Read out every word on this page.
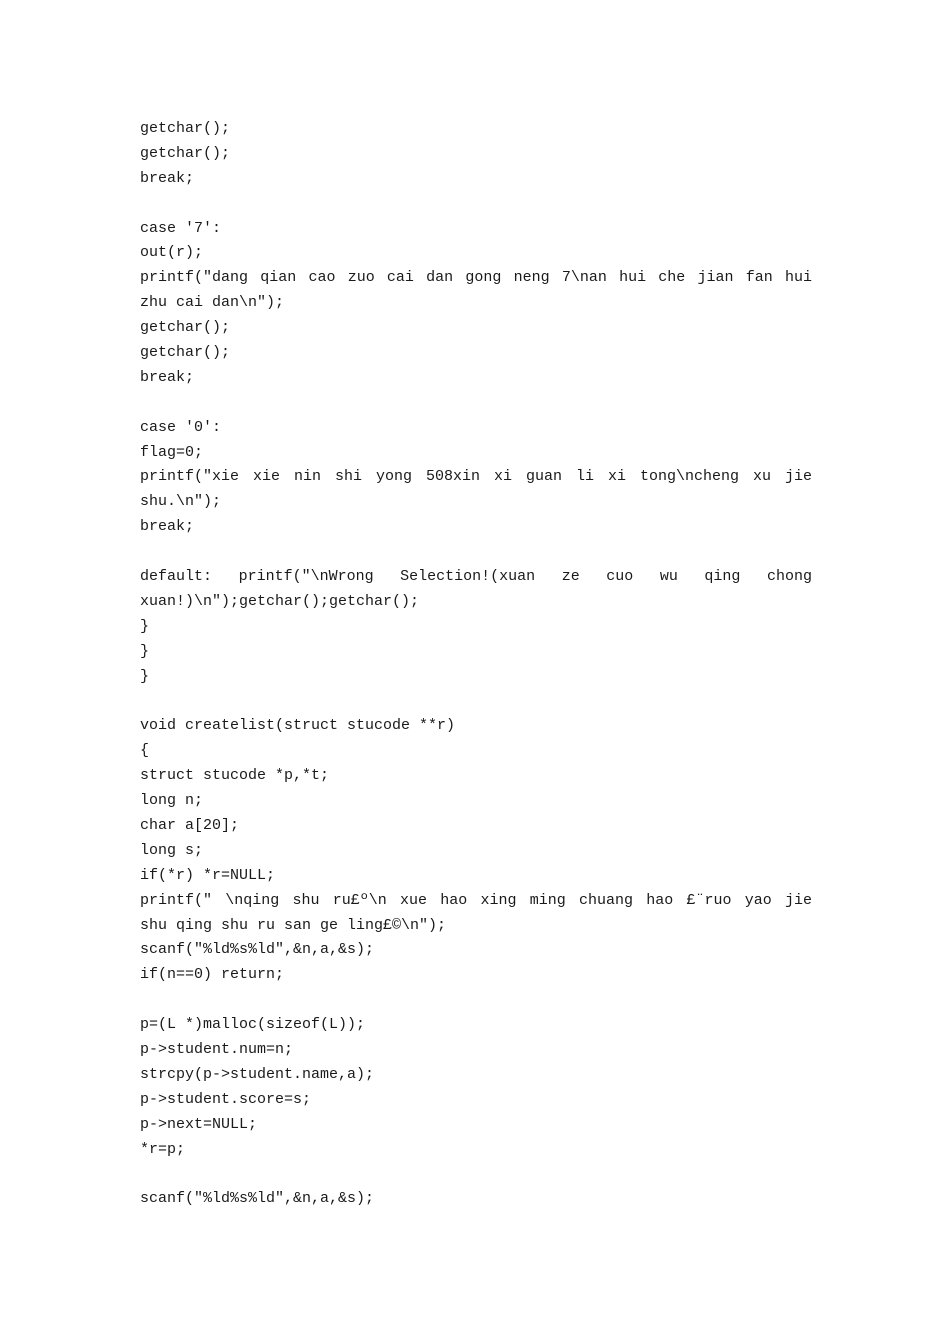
getchar();
getchar();
break;
case '7':
out(r);
printf("dang qian cao zuo cai dan gong neng 7\nan hui che jian fan hui
zhu cai dan\n");
getchar();
getchar();
break;
case '0':
flag=0;
printf("xie xie nin shi yong 508xin xi guan li xi tong\ncheng xu jie
shu.\n");
break;
default: printf("\nWrong Selection!(xuan ze cuo wu qing chong
xuan!)\n");getchar();getchar();
}
}
}
void createlist(struct stucode **r)
{
struct stucode *p,*t;
long n;
char a[20];
long s;
if(*r) *r=NULL;
printf(" \nqing shu ru£º\n xue hao xing ming chuang hao £¨ruo yao jie
shu qing shu ru san ge ling£©\n");
scanf("%ld%s%ld",&n,a,&s);
if(n==0) return;
p=(L *)malloc(sizeof(L));
p->student.num=n;
strcpy(p->student.name,a);
p->student.score=s;
p->next=NULL;
*r=p;
scanf("%ld%s%ld",&n,a,&s);
